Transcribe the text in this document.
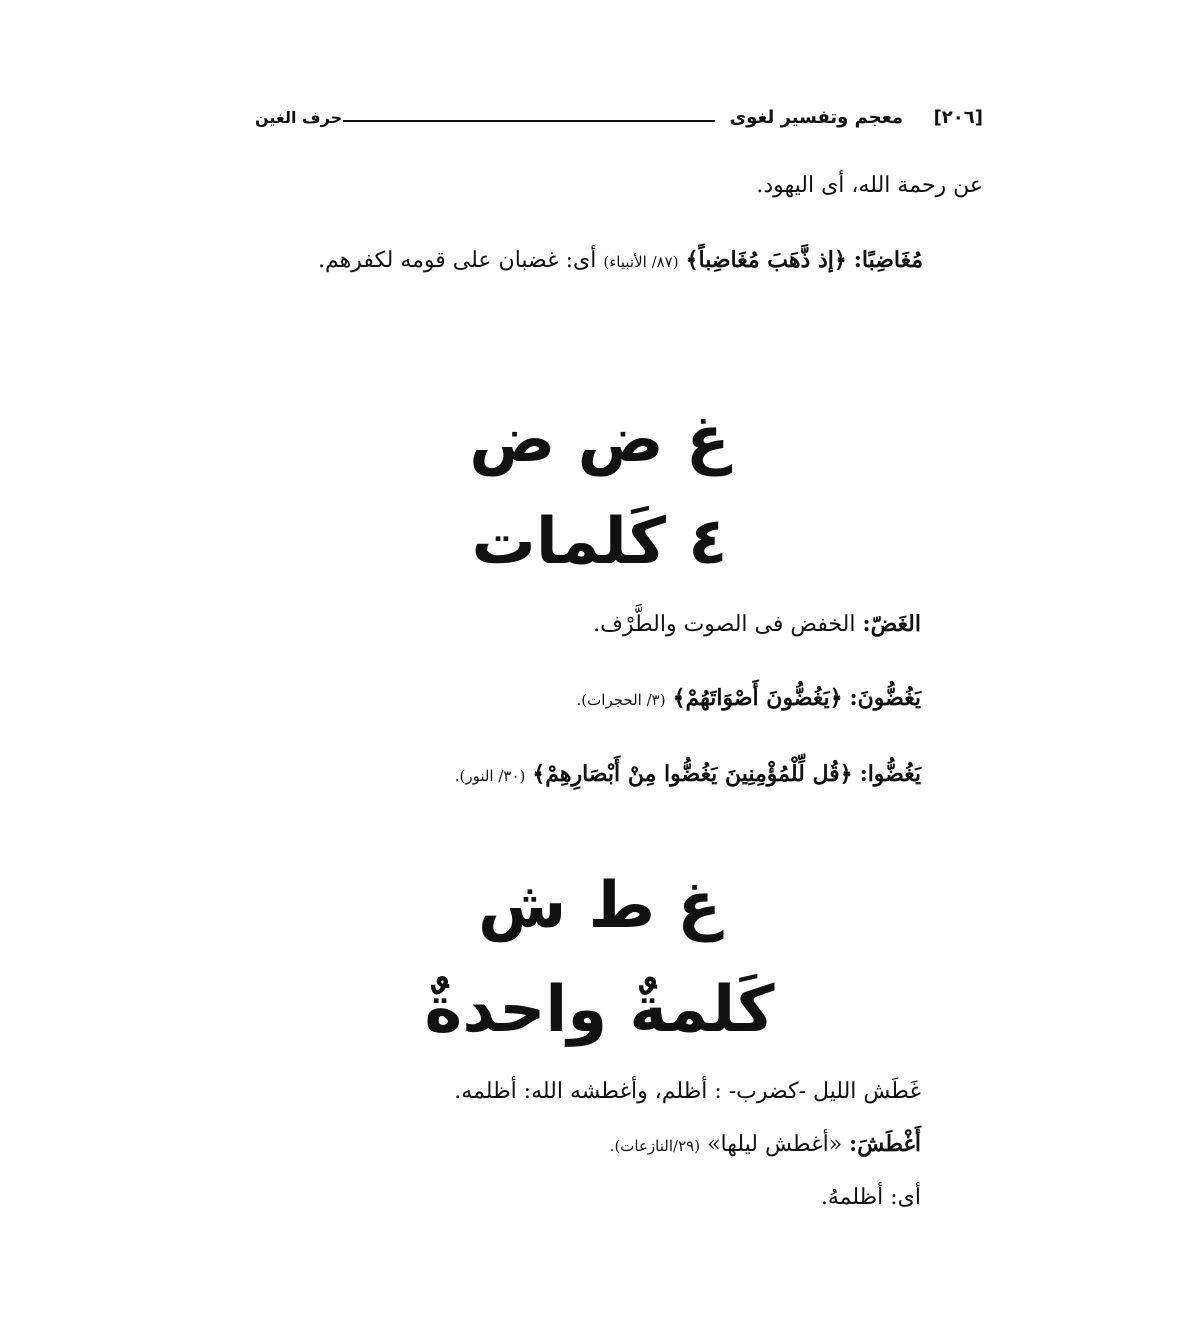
[٢٠٦]
معجم وتفسير لغوى
حرف الغين
عن رحمة الله، أى اليهود.
مُغَاضِبًا: ﴿إذ ذَّهَبَ مُغَاضِباً﴾ (٨٧/ الأنبياء) أى: غضبان على قومه لكفرهم.
غ ض ض
٤ كَلمات
الغَضّ: الخفض فى الصوت والطَّرْف.
يَغُضُّونَ: ﴿يَغُضُّونَ أَصْوَاتَهُمْ﴾ (٣/ الحجرات).
يَغُضُّوا: ﴿قُل لِّلْمُؤْمِنِينَ يَغُضُّوا مِنْ أَبْصَارِهِمْ﴾ (٣٠/ النور).
غ ط ش
كَلمةٌ واحدةٌ
غَطَش الليل -كضرب- : أظلم، وأغطشه الله: أظلمه.
أَغْطَشَ: «أغطش ليلها» (٢٩/النازعات).
أى: أظلمهُ.
